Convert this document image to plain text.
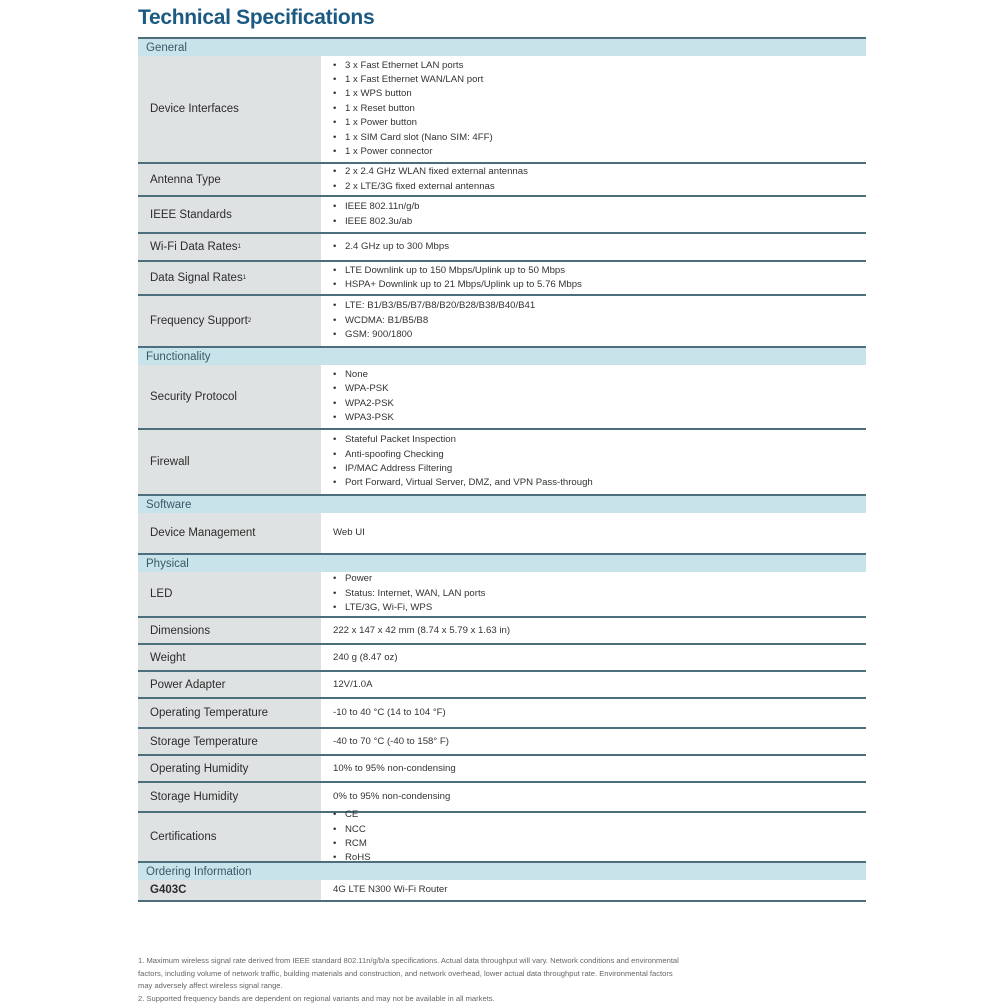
Technical Specifications
General
Device Interfaces
• 3 x Fast Ethernet LAN ports
• 1 x Fast Ethernet WAN/LAN port
• 1 x WPS button
• 1 x Reset button
• 1 x Power button
• 1 x SIM Card slot (Nano SIM: 4FF)
• 1 x Power connector
Antenna Type
• 2 x 2.4 GHz WLAN fixed external antennas
• 2 x LTE/3G fixed external antennas
IEEE Standards
• IEEE 802.11n/g/b
• IEEE 802.3u/ab
Wi-Fi Data Rates 1
•	2.4 GHz up to 300 Mbps
Data Signal Rates 1
• LTE Downlink up to 150 Mbps/Uplink up to 50 Mbps
• HSPA+ Downlink up to 21 Mbps/Uplink up to 5.76 Mbps
Frequency Support 2
• LTE: B1/B3/B5/B7/B8/B20/B28/B38/B40/B41
• WCDMA: B1/B5/B8
• GSM: 900/1800
Functionality
Security Protocol
• None
• WPA-PSK
• WPA2-PSK
• WPA3-PSK
Firewall
• Stateful Packet Inspection
• Anti-spoofing Checking
• IP/MAC Address Filtering
• Port Forward, Virtual Server, DMZ, and VPN Pass-through
Software
Device Management	Web UI
Physical
LED
• Power
• Status: Internet, WAN, LAN ports
• LTE/3G, Wi-Fi, WPS
Dimensions	222 x 147 x 42 mm (8.74 x 5.79 x 1.63 in)
Weight	240 g (8.47 oz)
Power Adapter	12V/1.0A
Operating Temperature	-10 to 40 °C (14 to 104 °F)
Storage Temperature	-40 to 70 °C (-40 to 158° F)
Operating Humidity	10% to 95% non-condensing
Storage Humidity	0% to 95% non-condensing
Certifications
• CE
• NCC
• RCM
• RoHS
Ordering Information
G403C	4G LTE N300 Wi-Fi Router

1. Maximum wireless signal rate derived from IEEE standard 802.11n/g/b/a specifications. Actual data throughput will vary. Network conditions and environmental

factors, including volume of network traffic, building materials and construction, and network overhead, lower actual data throughput rate. Environmental factors

may adversely affect wireless signal range.

2. Supported frequency bands are dependent on regional variants and may not be available in all markets.
